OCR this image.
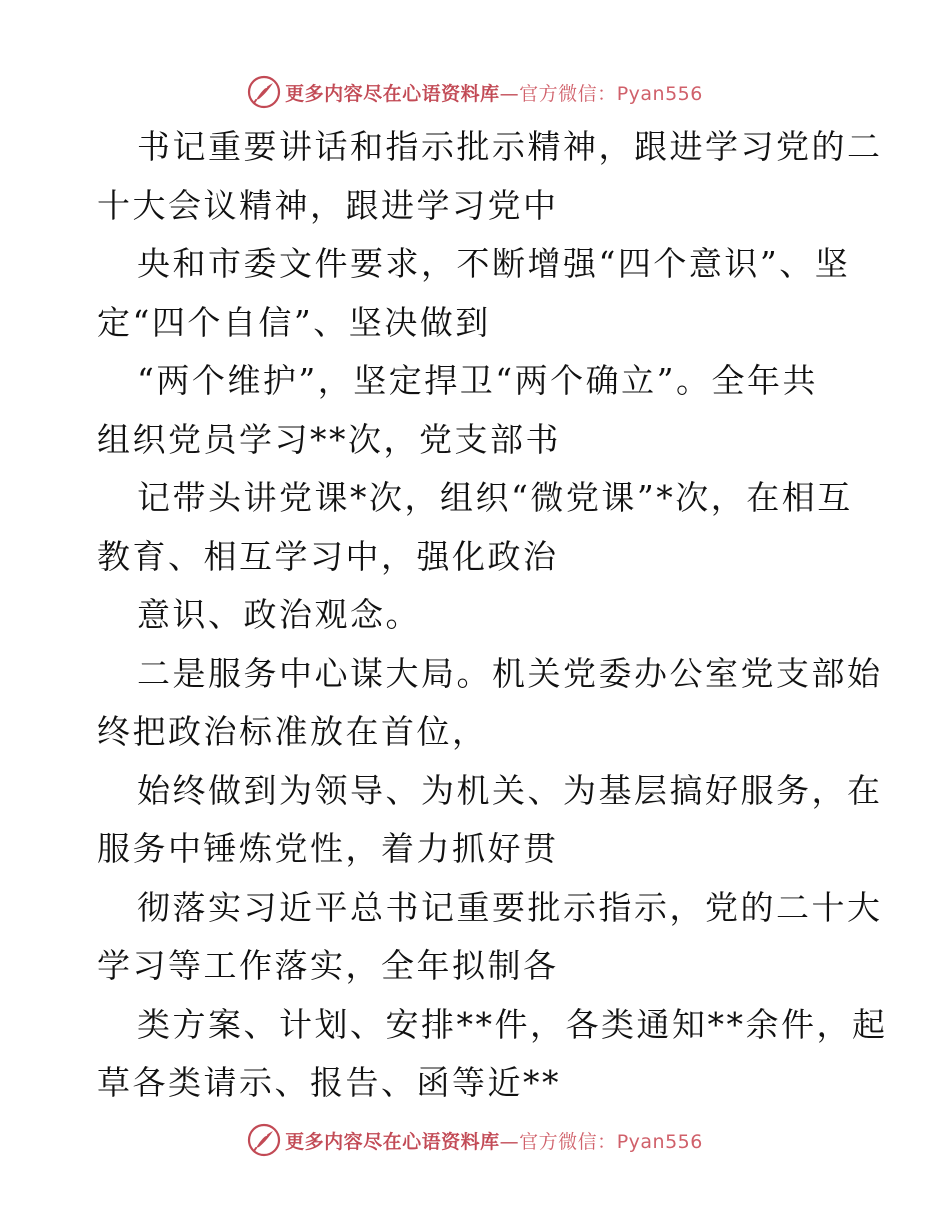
更多内容尽在心语资料库—官方微信：Pyan556
书记重要讲话和指示批示精神，跟进学习党的二
十大会议精神，跟进学习党中
央和市委文件要求，不断增强“四个意识”、坚
定“四个自信”、坚决做到
“两个维护”，坚定捍卫“两个确立”。全年共
组织党员学习**次，党支部书
记带头讲党课*次，组织“微党课”*次，在相互
教育、相互学习中，强化政治
意识、政治观念。
二是服务中心谋大局。机关党委办公室党支部始
终把政治标准放在首位，
始终做到为领导、为机关、为基层搞好服务，在
服务中锤炼党性，着力抓好贯
彻落实习近平总书记重要批示指示，党的二十大
学习等工作落实，全年拟制各
类方案、计划、安排**件，各类通知**余件，起
草各类请示、报告、函等近**
更多内容尽在心语资料库—官方微信：Pyan556
